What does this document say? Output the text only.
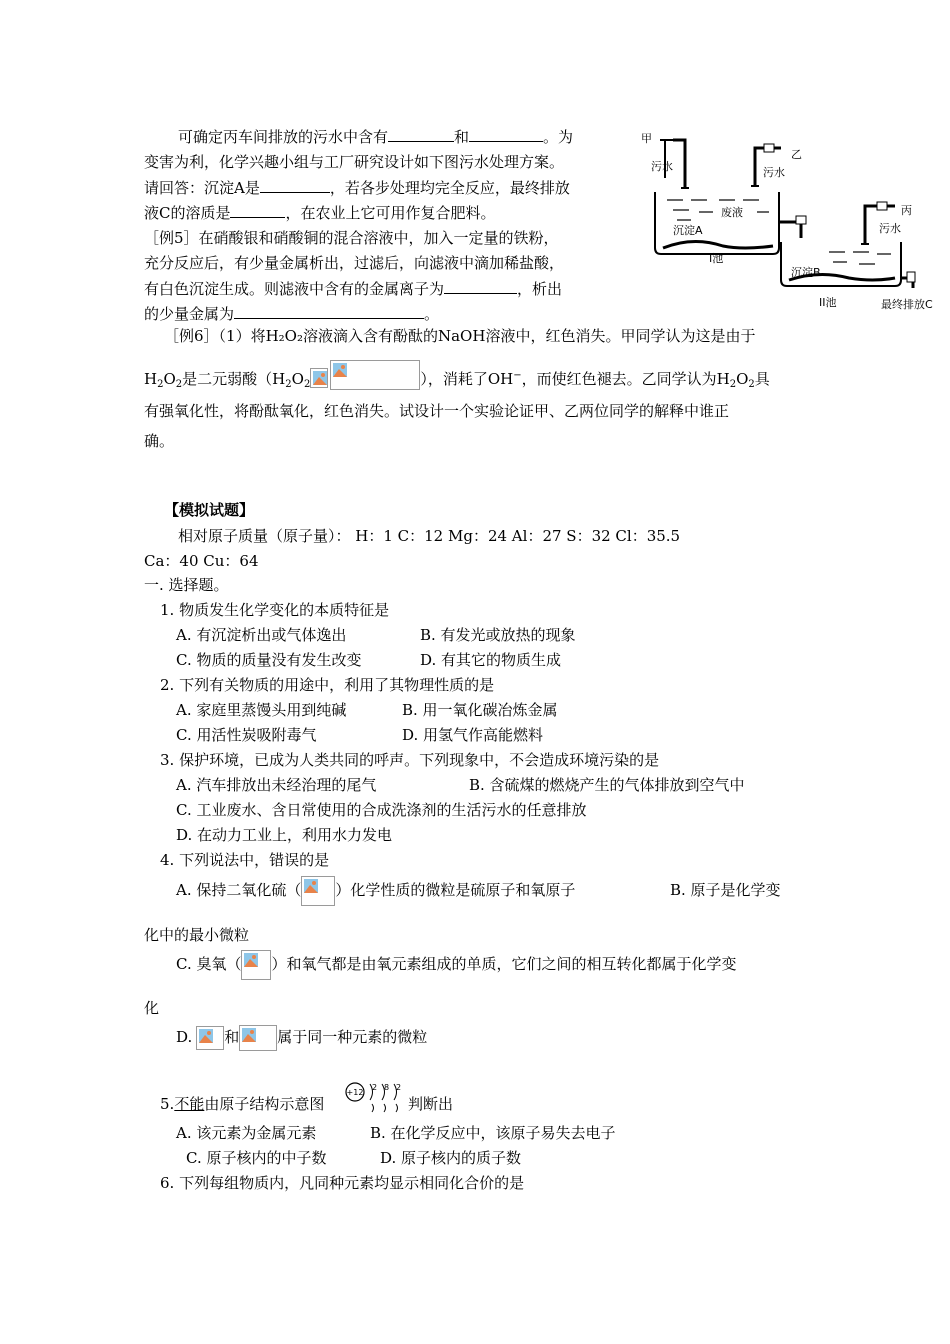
可确定丙车间排放的污水中含有	和	。为
变害为利，化学兴趣小组与工厂研究设计如下图污水处理方案。
请回答：沉淀A是	，若各步处理均完全反应，最终排放
液C的溶质是	，在农业上它可用作复合肥料。
［例5］在硝酸银和硝酸铜的混合溶液中，加入一定量的铁粉，
充分反应后，有少量金属析出，过滤后，向滤液中滴加稀盐酸，
有白色沉淀生成。则滤液中含有的金属离子为	，析出
的少量金属为	。
甲
污水
乙
污水
废液
沉淀A
I池
丙
污水
沉淀B
II池	最终排放C
［例6］（1）将H₂O₂溶液滴入含有酚酞的NaOH溶液中，红色消失。甲同学认为这是由于
$H_2O_2$是二元弱酸（$H_2O_2$	），消耗了OH−，而使红色褪去。乙同学认为$H_2O_2$具
有强氧化性，将酚酞氧化，红色消失。试设计一个实验论证甲、乙两位同学的解释中谁正
确。
【模拟试题】
相对原子质量（原子量）： H：1 C：12 Mg：24 Al：27 S：32 Cl：35.5
Ca：40 Cu：64
一. 选择题。
1. 物质发生化学变化的本质特征是
A. 有沉淀析出或气体逸出	B. 有发光或放热的现象
C. 物质的质量没有发生改变	D. 有其它的物质生成
2. 下列有关物质的用途中，利用了其物理性质的是
A. 家庭里蒸馒头用到纯碱	B. 用一氧化碳冶炼金属
C. 用活性炭吸附毒气	D. 用氢气作高能燃料
3. 保护环境，已成为人类共同的呼声。下列现象中，不会造成环境污染的是
A. 汽车排放出未经治理的尾气	B. 含硫煤的燃烧产生的气体排放到空气中
C. 工业废水、含日常使用的合成洗涤剂的生活污水的任意排放
D. 在动力工业上，利用水力发电
4. 下列说法中，错误的是
A. 保持二氧化硫（ ）化学性质的微粒是硫原子和氧原子	B. 原子是化学变
化中的最小微粒
C. 臭氧（ ）和氧气都是由氧元素组成的单质，它们之间的相互转化都属于化学变
化
D. 和	属于同一种元素的微粒
5.不能由原子结构示意图
+12
2 8 2
判断出
A. 该元素为金属元素	B. 在化学反应中，该原子易失去电子
C. 原子核内的中子数	D. 原子核内的质子数
6. 下列每组物质内，凡同种元素均显示相同化合价的是
